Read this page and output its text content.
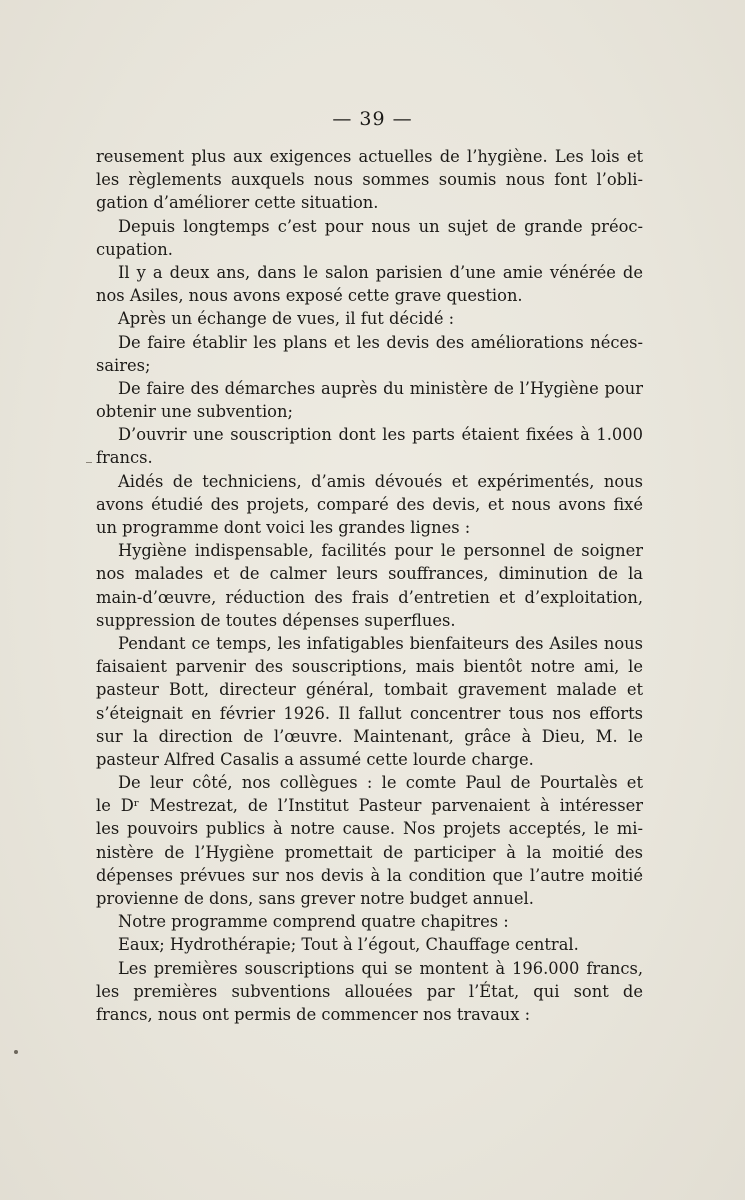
— 39 —
reusement plus aux exigences actuelles de l’hygiène. Les lois et
les règlements auxquels nous sommes soumis nous font l’obli-
gation d’améliorer cette situation.
Depuis longtemps c’est pour nous un sujet de grande préoc-
cupation.
Il y a deux ans, dans le salon parisien d’une amie vénérée de
nos Asiles, nous avons exposé cette grave question.
Après un échange de vues, il fut décidé :
De faire établir les plans et les devis des améliorations néces-
saires;
De faire des démarches auprès du ministère de l’Hygiène pour
obtenir une subvention;
D’ouvrir une souscription dont les parts étaient fixées à 1.000
francs.
Aidés de techniciens, d’amis dévoués et expérimentés, nous
avons étudié des projets, comparé des devis, et nous avons fixé
un programme dont voici les grandes lignes :
Hygiène indispensable, facilités pour le personnel de soigner
nos malades et de calmer leurs souffrances, diminution de la
main-d’œuvre, réduction des frais d’entretien et d’exploitation,
suppression de toutes dépenses superflues.
Pendant ce temps, les infatigables bienfaiteurs des Asiles nous
faisaient parvenir des souscriptions, mais bientôt notre ami, le
pasteur Bott, directeur général, tombait gravement malade et
s’éteignait en février 1926. Il fallut concentrer tous nos efforts
sur la direction de l’œuvre. Maintenant, grâce à Dieu, M. le
pasteur Alfred Casalis a assumé cette lourde charge.
De leur côté, nos collègues : le comte Paul de Pourtalès et
le Dʳ Mestrezat, de l’Institut Pasteur parvenaient à intéresser
les pouvoirs publics à notre cause. Nos projets acceptés, le mi-
nistère de l’Hygiène promettait de participer à la moitié des
dépenses prévues sur nos devis à la condition que l’autre moitié
provienne de dons, sans grever notre budget annuel.
Notre programme comprend quatre chapitres :
Eaux; Hydrothérapie; Tout à l’égout, Chauffage central.
Les premières souscriptions qui se montent à 196.000 francs,
les premières subventions allouées par l’État, qui sont de
francs, nous ont permis de commencer nos travaux :
